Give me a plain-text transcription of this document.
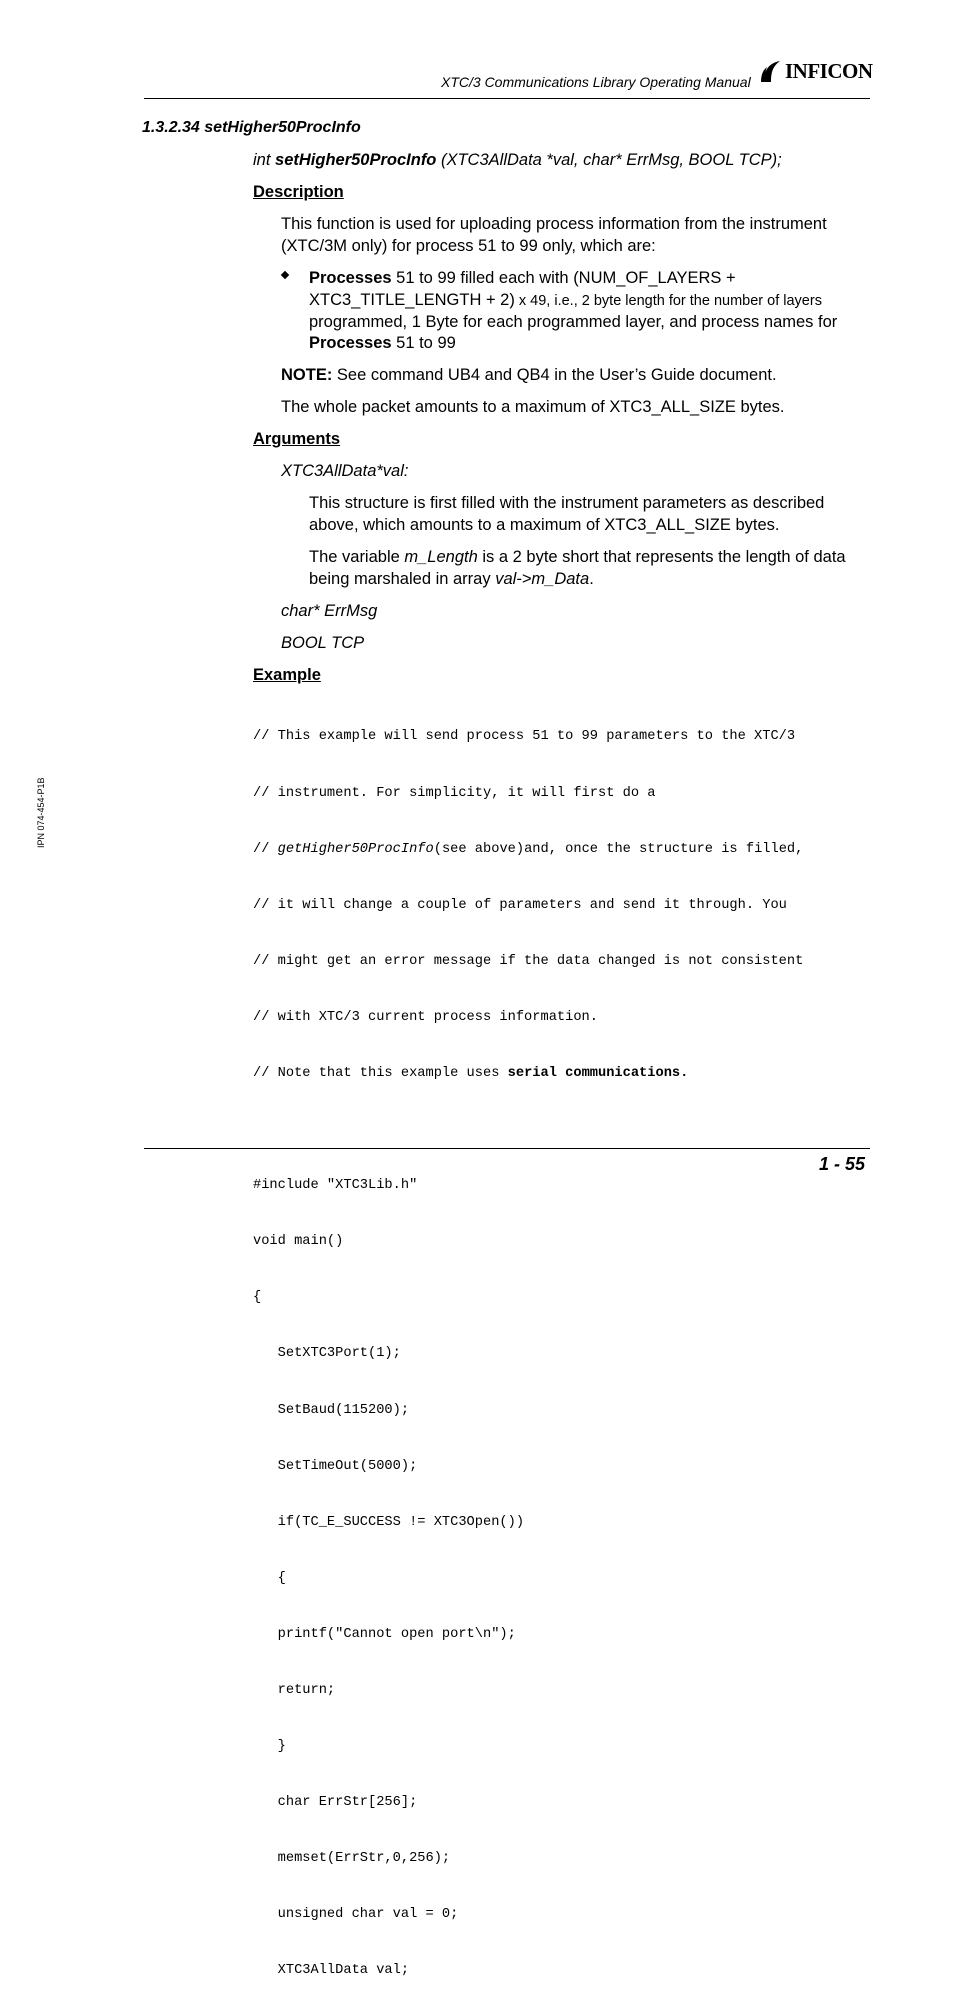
XTC/3 Communications Library Operating Manual INFICON
IPN 074-454-P1B
1.3.2.34 setHigher50ProcInfo
int setHigher50ProcInfo (XTC3AllData *val, char* ErrMsg, BOOL TCP);
Description
This function is used for uploading process information from the instrument
(XTC/3M only) for process 51 to 99 only, which are:
Processes 51 to 99 filled each with (NUM_OF_LAYERS +
XTC3_TITLE_LENGTH + 2) x 49, i.e., 2 byte length for the number of layers
programmed, 1 Byte for each programmed layer, and process names for
Processes 51 to 99
NOTE: See command UB4 and QB4 in the User’s Guide document.
The whole packet amounts to a maximum of XTC3_ALL_SIZE bytes.
Arguments
XTC3AllData*val:
This structure is first filled with the instrument parameters as described
above, which amounts to a maximum of XTC3_ALL_SIZE bytes.
The variable m_Length is a 2 byte short that represents the length of data
being marshaled in array val->m_Data.
char* ErrMsg
BOOL TCP
Example

// This example will send process 51 to 99 parameters to the XTC/3

// instrument. For simplicity, it will first do a

// getHigher50ProcInfo(see above)and, once the structure is filled,

// it will change a couple of parameters and send it through. You

// might get an error message if the data changed is not consistent

// with XTC/3 current process information.

// Note that this example uses serial communications.

#include "XTC3Lib.h"

void main()

{

SetXTC3Port(1);

SetBaud(115200);

SetTimeOut(5000);

if(TC_E_SUCCESS != XTC3Open())

{

printf("Cannot open port\n");

return;

}

char ErrStr[256];

memset(ErrStr,0,256);

unsigned char val = 0;

XTC3AllData val;

1 - 55
